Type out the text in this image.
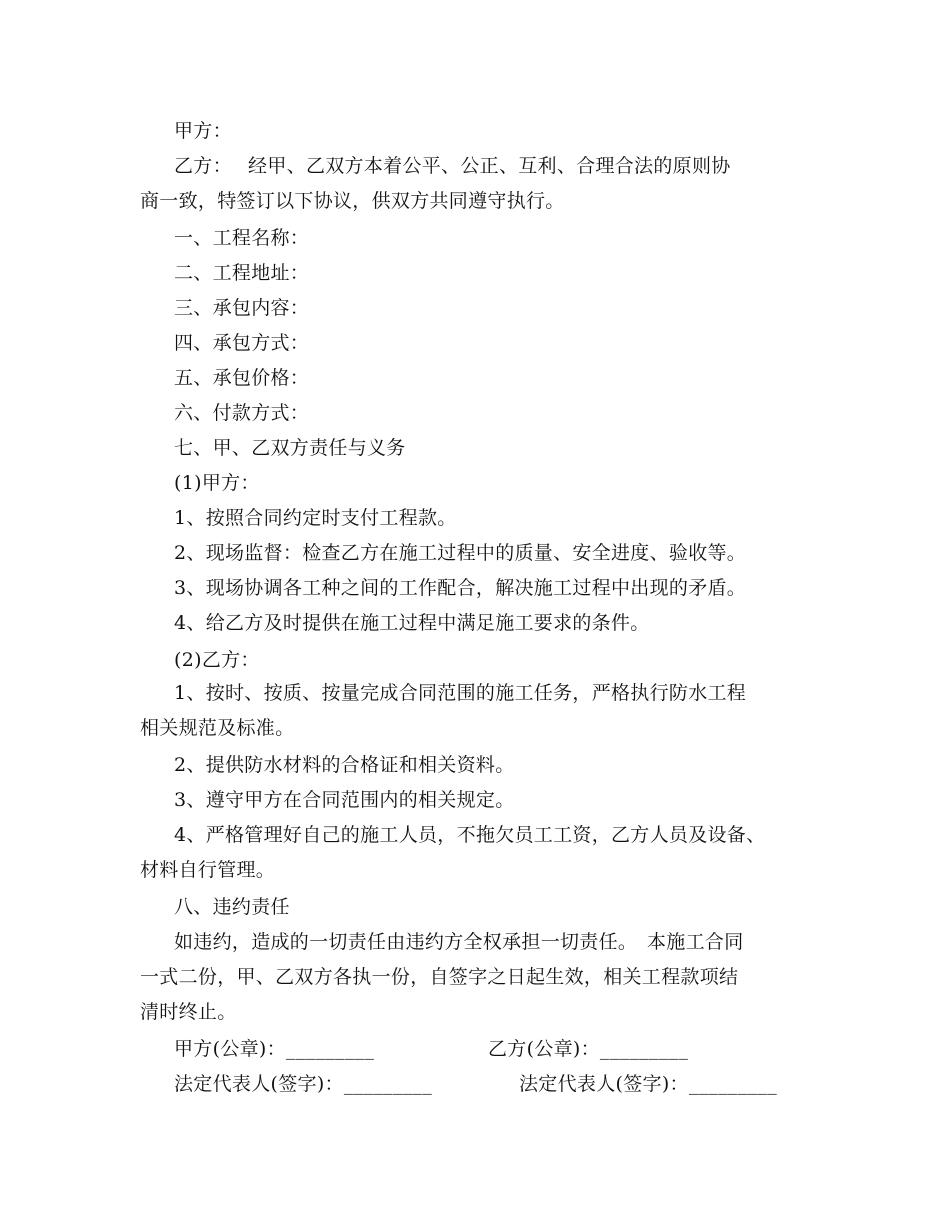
甲方：
乙方：　 经甲、乙双方本着公平、公正、互利、合理合法的原则协
商一致，特签订以下协议，供双方共同遵守执行。
一、工程名称：
二、工程地址：
三、承包内容：
四、承包方式：
五、承包价格：
六、付款方式：
七、甲、乙双方责任与义务
(1)甲方：
1、按照合同约定时支付工程款。
2、现场监督：检查乙方在施工过程中的质量、安全进度、验收等。
3、现场协调各工种之间的工作配合，解决施工过程中出现的矛盾。
4、给乙方及时提供在施工过程中满足施工要求的条件。
(2)乙方：
1、按时、按质、按量完成合同范围的施工任务，严格执行防水工程
相关规范及标准。
2、提供防水材料的合格证和相关资料。
3、遵守甲方在合同范围内的相关规定。
4、严格管理好自己的施工人员，不拖欠员工工资，乙方人员及设备、
材料自行管理。
八、违约责任
如违约，造成的一切责任由违约方全权承担一切责任。　本施工合同
一式二份，甲、乙双方各执一份，自签字之日起生效，相关工程款项结
清时终止。
甲方(公章)：_________	乙方(公章)：_________
法定代表人(签字)：_________	法定代表人(签字)：_________
